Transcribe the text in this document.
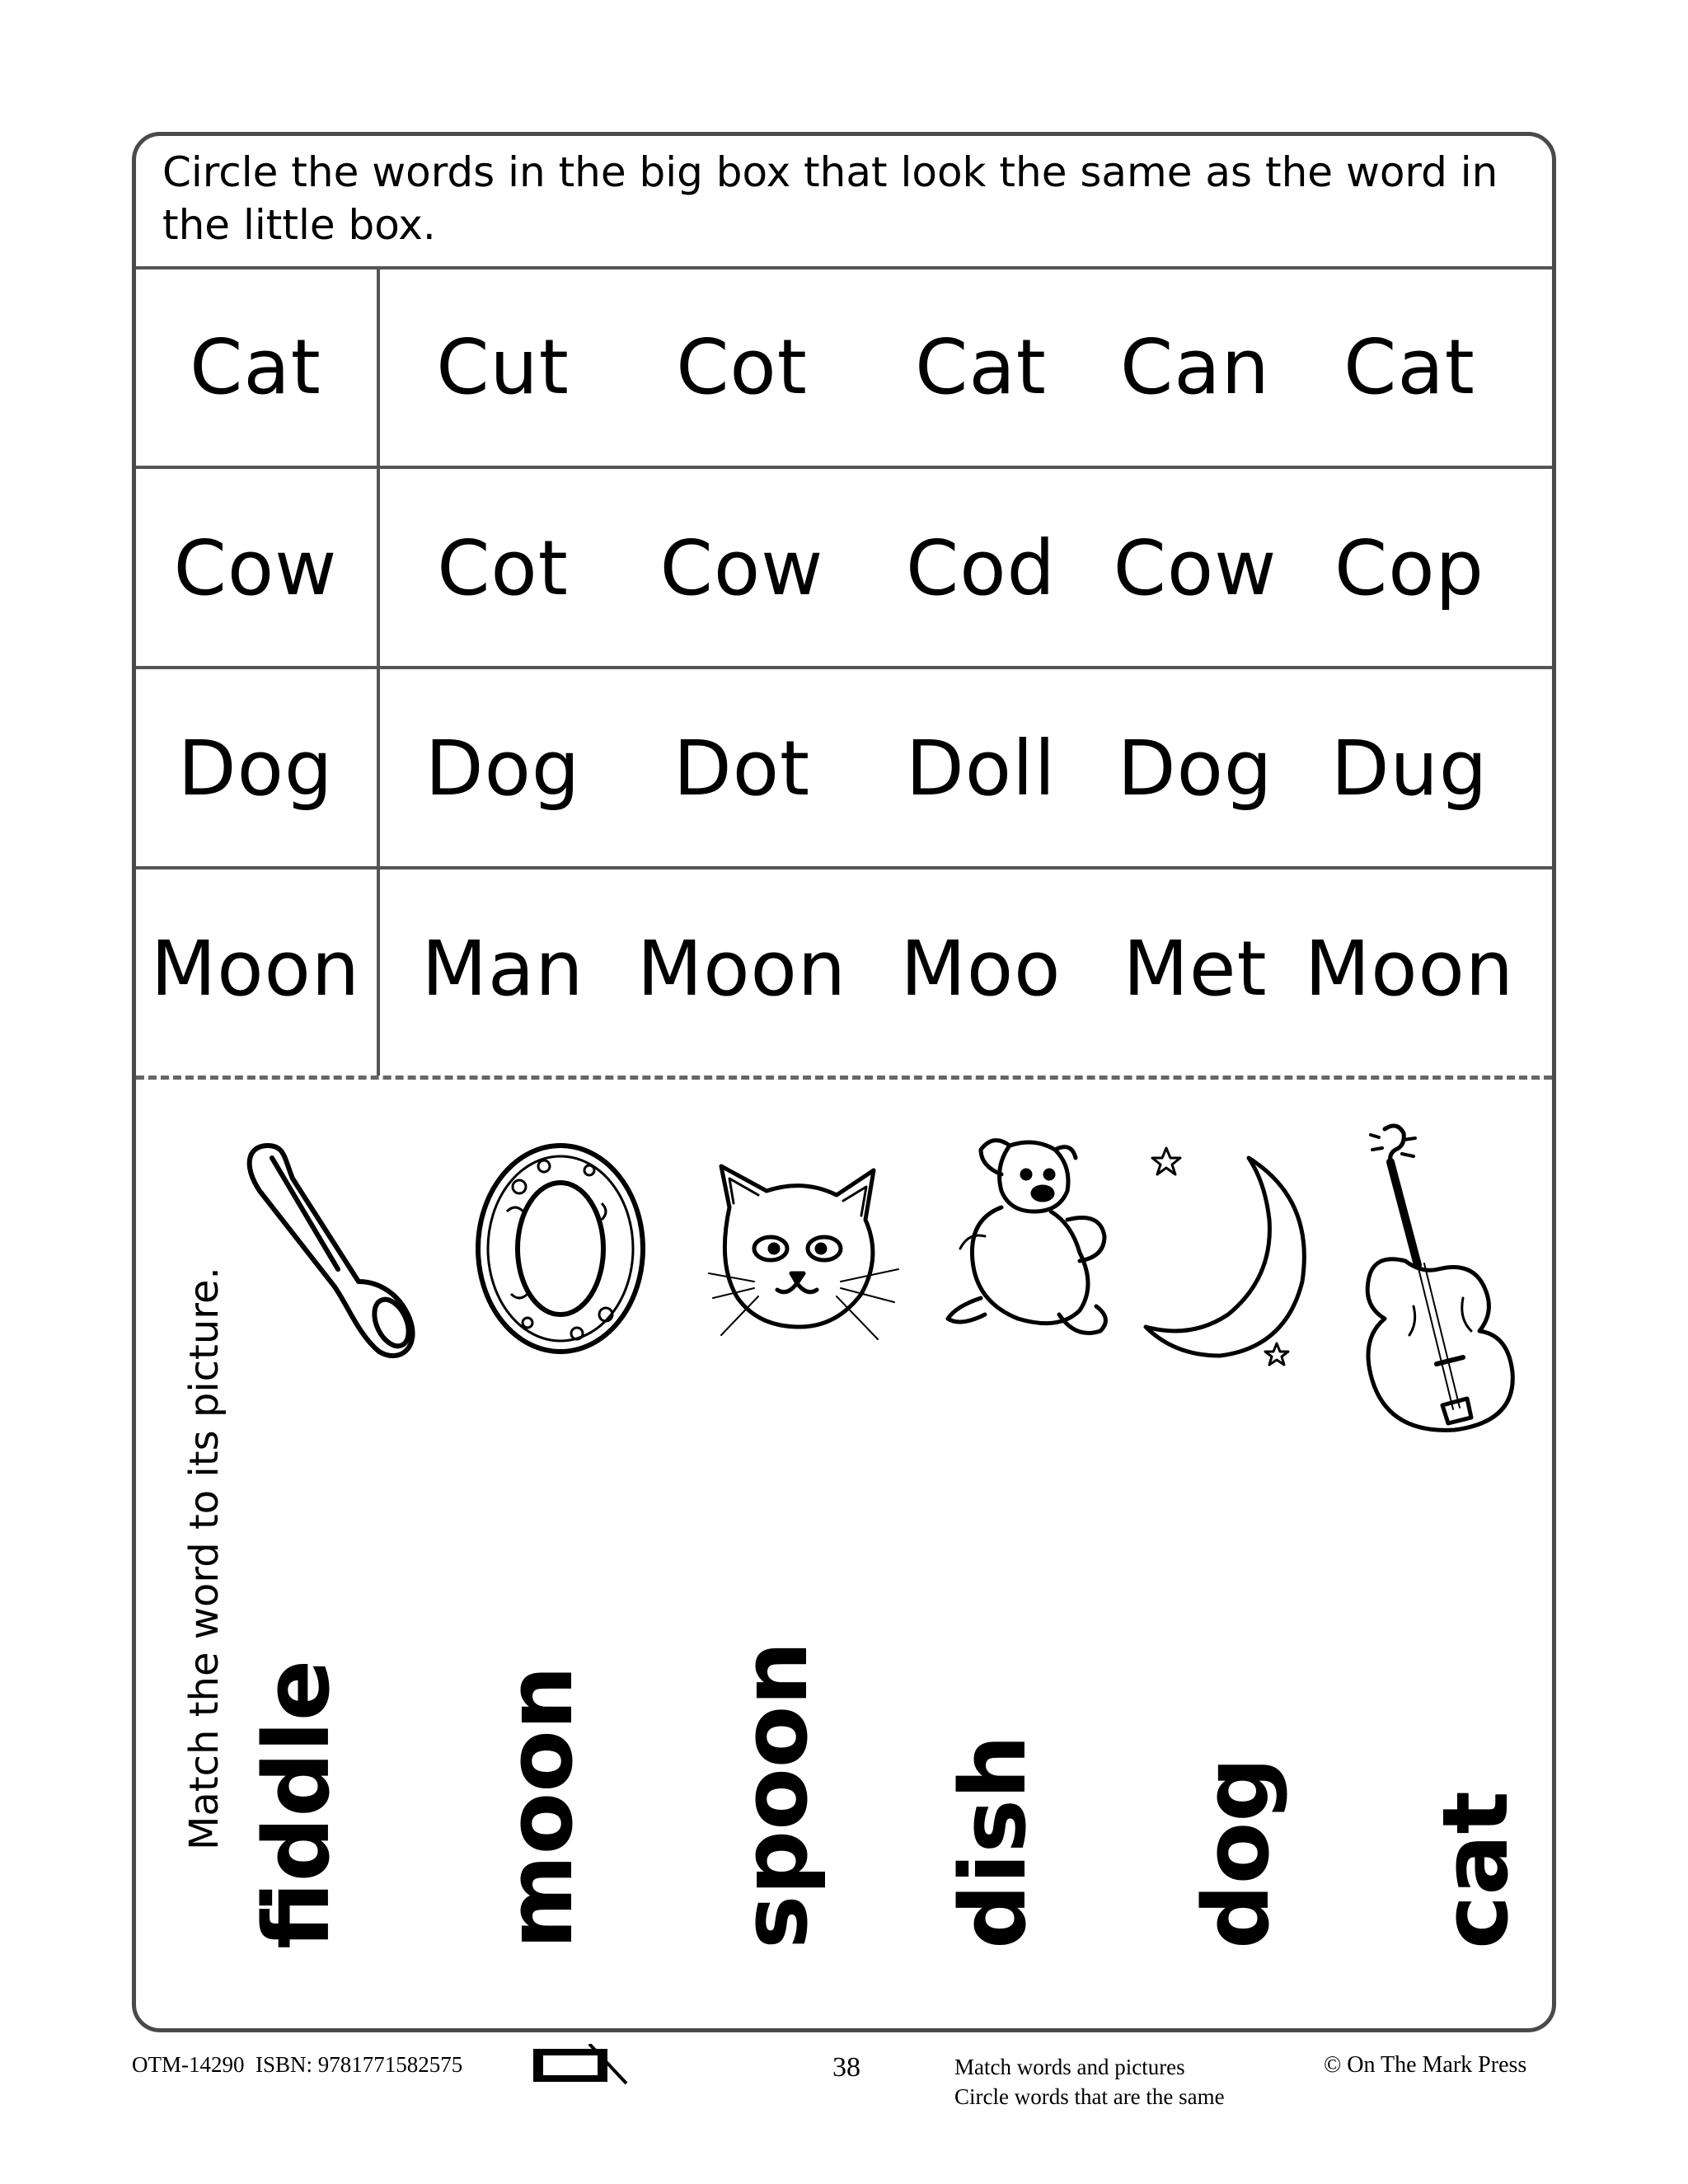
Circle the words in the big box that look the same as the word in the little box.
Cat	Cut	Cot	Cat Can Cat
Cow	Cot	Cow	Cod Cow Cop
Dog	Dog	Dot	Doll Dog Dug
Moon Man Moon Moo Met Moon
Match the word to its picture. fiddle moon spoon dish dog cat
OTM-14290 ISBN: 9781771582575	38	Match words and pictures
Circle words that are the same
© On The Mark Press
